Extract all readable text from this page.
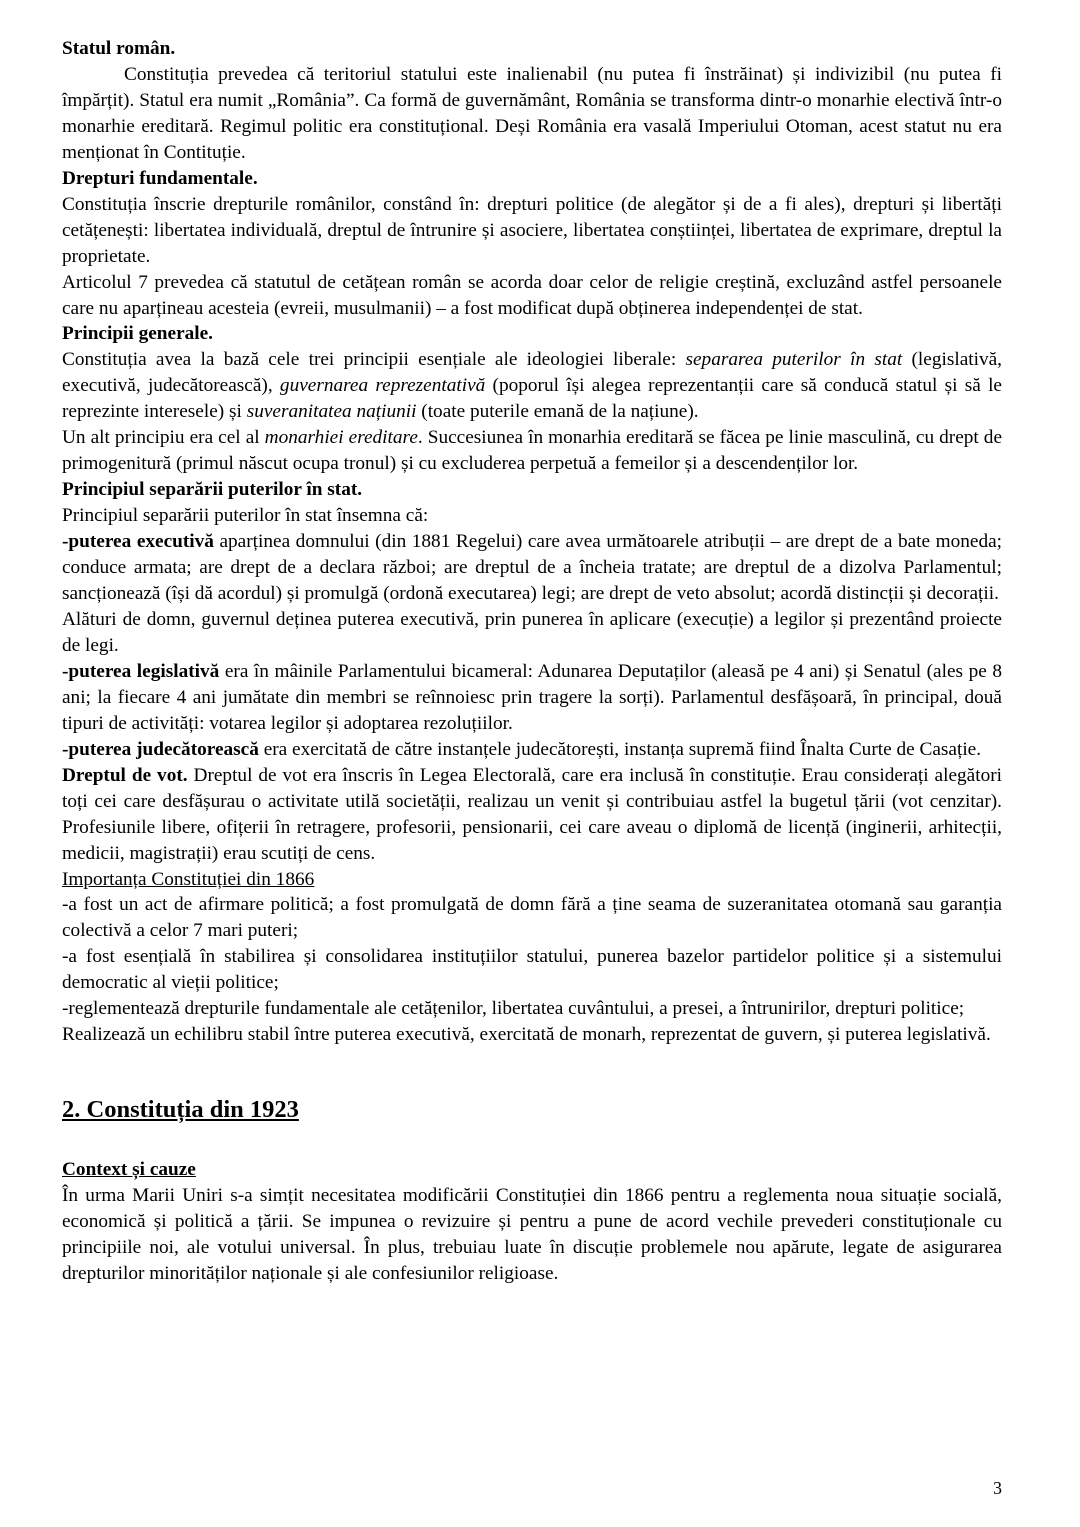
Statul român.

Constituția prevedea că teritoriul statului este inalienabil (nu putea fi înstrăinat) și indivizibil (nu putea fi împărțit). Statul era numit „România”. Ca formă de guvernământ, România se transforma dintr-o monarhie electivă într-o monarhie ereditară. Regimul politic era constituțional. Deși România era vasală Imperiului Otoman, acest statut nu era menționat în Contituție.

Drepturi fundamentale.

Constituția înscrie drepturile românilor, constând în: drepturi politice (de alegător și de a fi ales), drepturi și libertăți cetățenești: libertatea individuală, dreptul de întrunire și asociere, libertatea conștiinței, libertatea de exprimare, dreptul la proprietate.

Articolul 7 prevedea că statutul de cetățean român se acorda doar celor de religie creștină, excluzând astfel persoanele care nu aparțineau acesteia (evreii, musulmanii) – a fost modificat după obținerea independenței de stat.

Principii generale.

Constituția avea la bază cele trei principii esențiale ale ideologiei liberale: separarea puterilor în stat (legislativă, executivă, judecătorească), guvernarea reprezentativă (poporul își alegea reprezentanții care să conducă statul și să le reprezinte interesele) și suveranitatea națiunii (toate puterile emană de la națiune).

Un alt principiu era cel al monarhiei ereditare. Succesiunea în monarhia ereditară se făcea pe linie masculină, cu drept de primogenitură (primul născut ocupa tronul) și cu excluderea perpetuă a femeilor și a descendenților lor.

Principiul separării puterilor în stat.

Principiul separării puterilor în stat însemna că:

-puterea executivă aparținea domnului (din 1881 Regelui) care avea următoarele atribuții – are drept de a bate moneda; conduce armata; are drept de a declara război; are dreptul de a încheia tratate; are dreptul de a dizolva Parlamentul; sancționează (își dă acordul) și promulgă (ordonă executarea) legi; are drept de veto absolut; acordă distincții și decorații.

Alături de domn, guvernul deținea puterea executivă, prin punerea în aplicare (execuție) a legilor și prezentând proiecte de legi.

-puterea legislativă era în mâinile Parlamentului bicameral: Adunarea Deputaților (aleasă pe 4 ani) și Senatul (ales pe 8 ani; la fiecare 4 ani jumătate din membri se reînnoiesc prin tragere la sorți). Parlamentul desfășoară, în principal, două tipuri de activități: votarea legilor și adoptarea rezoluțiilor.

-puterea judecătorească era exercitată de către instanțele judecătorești, instanța supremă fiind Înalta Curte de Casație.

Dreptul de vot. Dreptul de vot era înscris în Legea Electorală, care era inclusă în constituție. Erau considerați alegători toți cei care desfășurau o activitate utilă societății, realizau un venit și contribuiau astfel la bugetul țării (vot cenzitar). Profesiunile libere, ofițerii în retragere, profesorii, pensionarii, cei care aveau o diplomă de licență (inginerii, arhitecții, medicii, magistrații) erau scutiți de cens.

Importanța Constituției din 1866

-a fost un act de afirmare politică; a fost promulgată de domn fără a ține seama de suzeranitatea otomană sau garanția colectivă a celor 7 mari puteri;

-a fost esențială în stabilirea și consolidarea instituțiilor statului, punerea bazelor partidelor politice și a sistemului democratic al vieții politice;

-reglementează drepturile fundamentale ale cetățenilor, libertatea cuvântului, a presei, a întrunirilor, drepturi politice;

Realizează un echilibru stabil între puterea executivă, exercitată de monarh, reprezentat de guvern, și puterea legislativă.

2. Constituția din 1923

Context și cauze

În urma Marii Uniri s-a simțit necesitatea modificării Constituției din 1866 pentru a reglementa noua situație socială, economică și politică a țării. Se impunea o revizuire și pentru a pune de acord vechile prevederi constituționale cu principiile noi, ale votului universal. În plus, trebuiau luate în discuție problemele nou apărute, legate de asigurarea drepturilor minorităților naționale și ale confesiunilor religioase.

3
